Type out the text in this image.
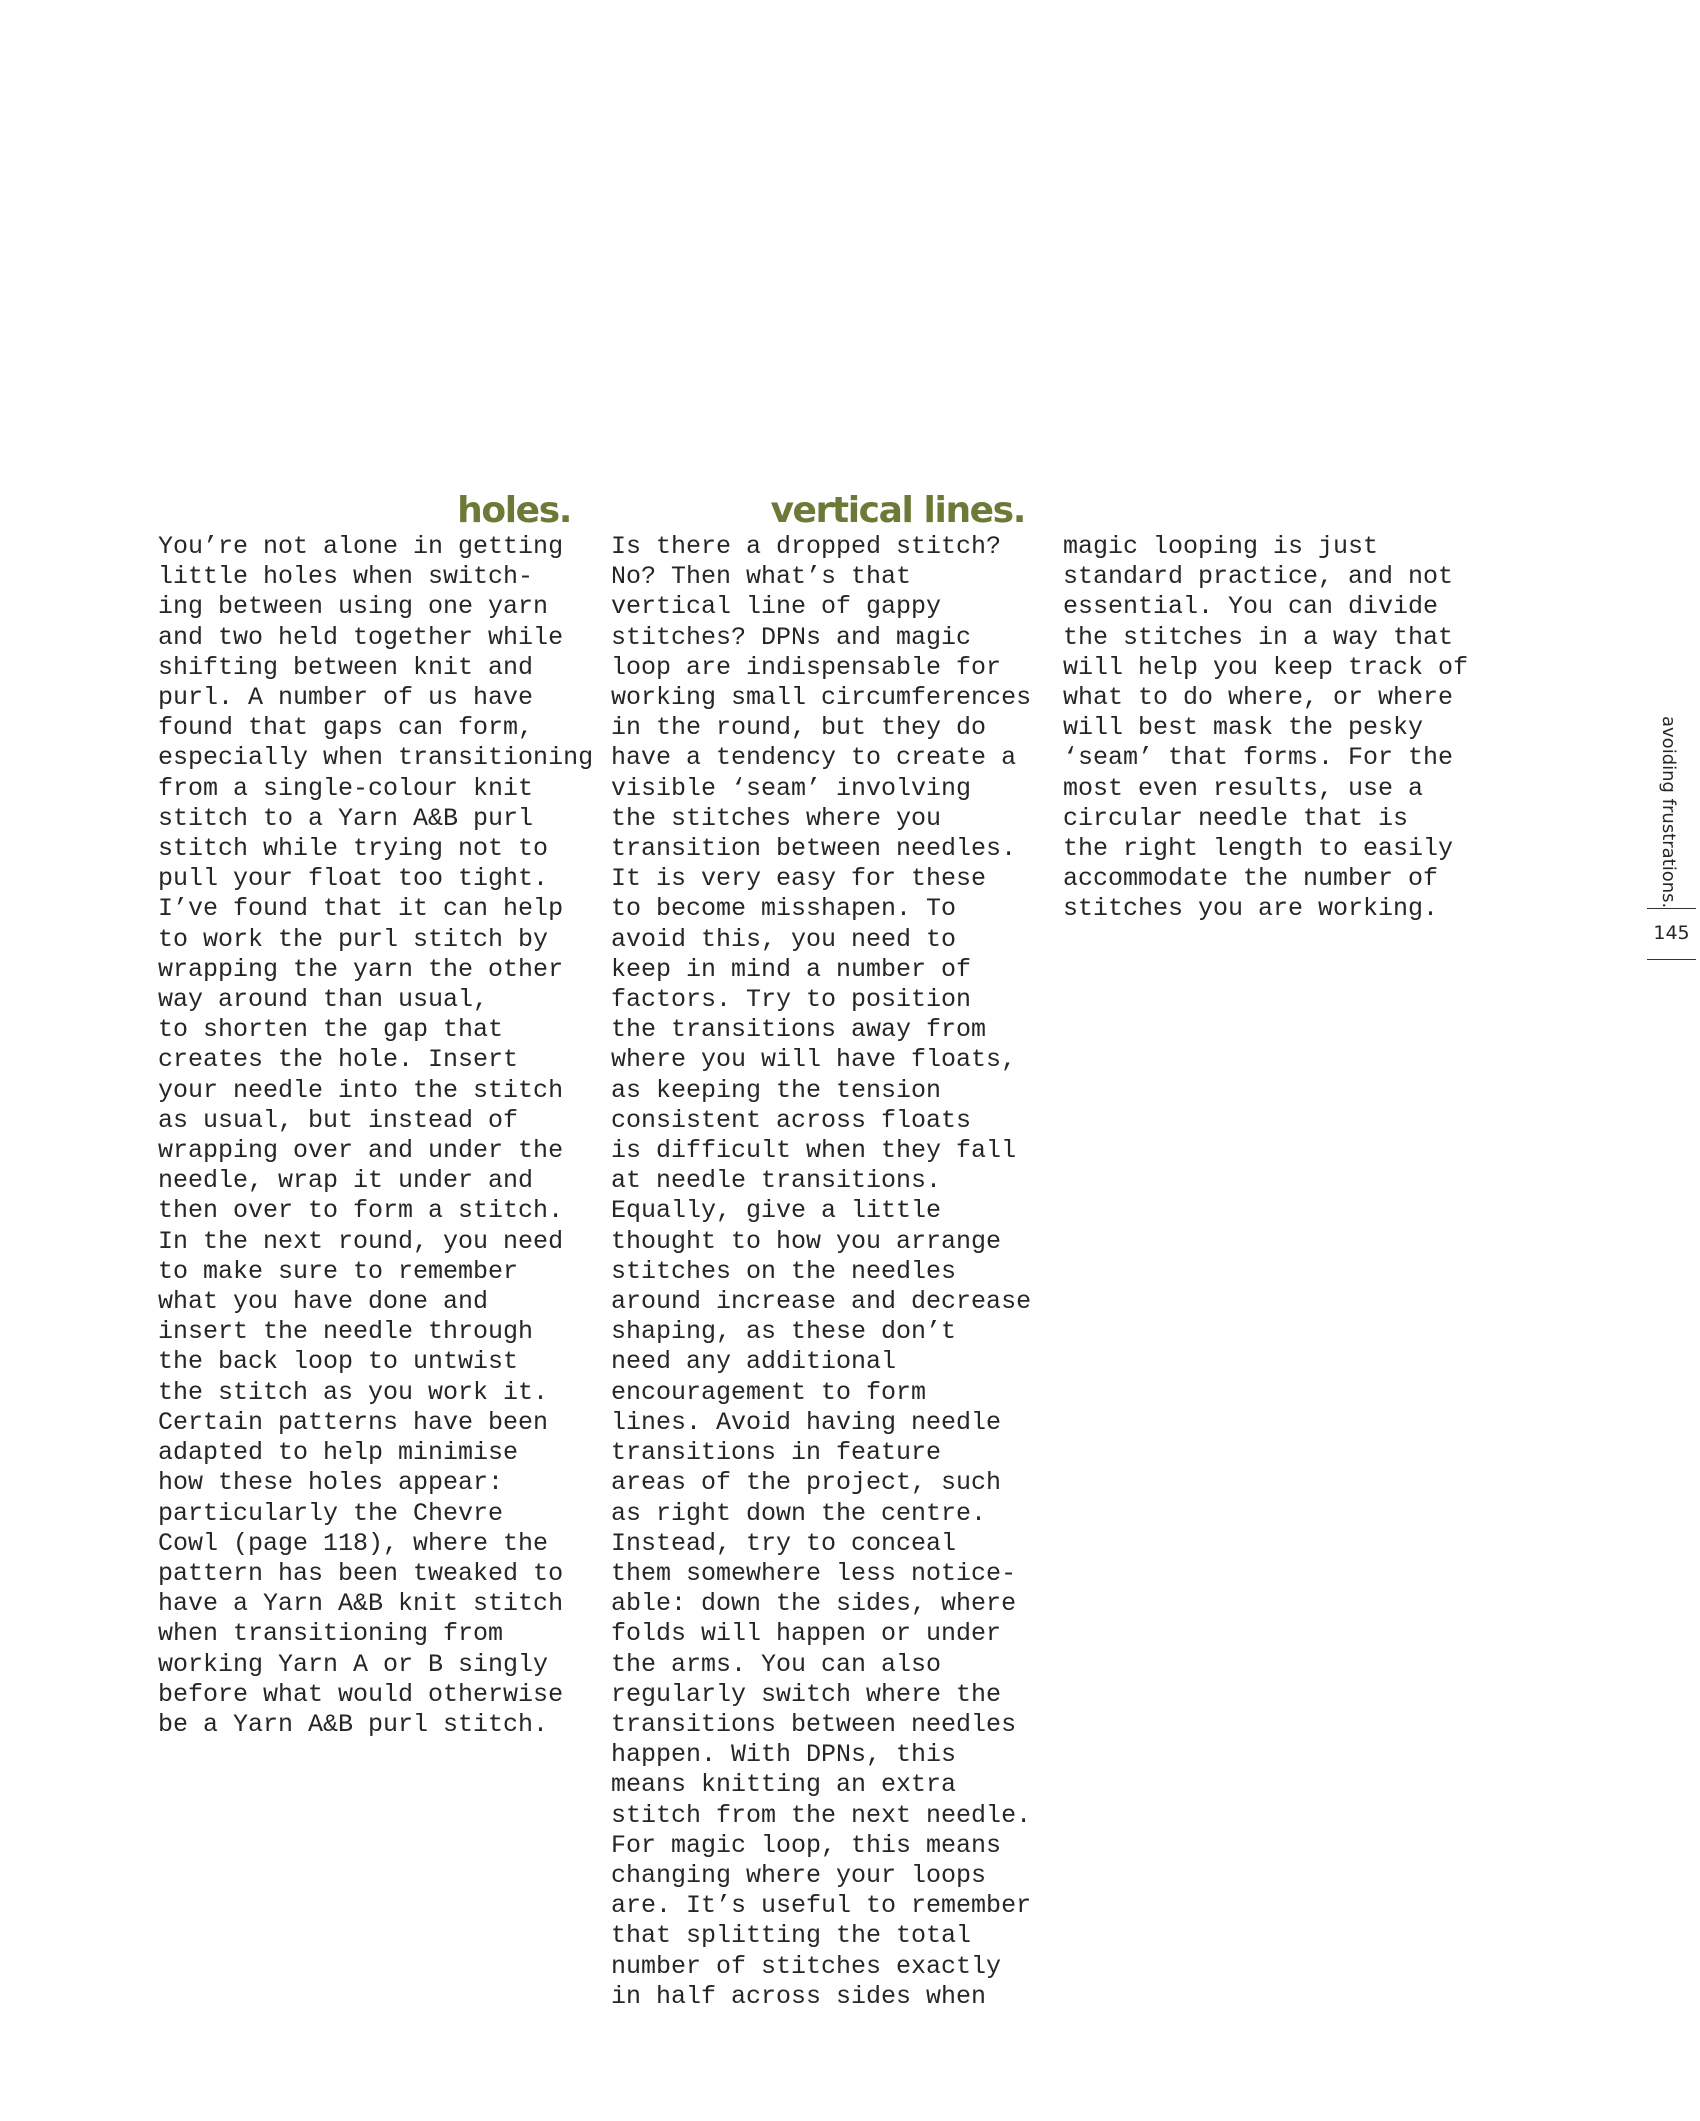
holes.	vertical lines.
You’re not alone in getting
little holes when switch-
ing between using one yarn
and two held together while
shifting between knit and
purl. A number of us have
found that gaps can form,
especially when transitioning
from a single-colour knit
stitch to a Yarn A&B purl
stitch while trying not to
pull your float too tight.
I’ve found that it can help
to work the purl stitch by
wrapping the yarn the other
way around than usual,
to shorten the gap that
creates the hole. Insert
your needle into the stitch
as usual, but instead of
wrapping over and under the
needle, wrap it under and
then over to form a stitch.
In the next round, you need
to make sure to remember
what you have done and
insert the needle through
the back loop to untwist
the stitch as you work it.
Certain patterns have been
adapted to help minimise
how these holes appear:
particularly the Chevre
Cowl (page 118), where the
pattern has been tweaked to
have a Yarn A&B knit stitch
when transitioning from
working Yarn A or B singly
before what would otherwise
be a Yarn A&B purl stitch.
Is there a dropped stitch?
No? Then what’s that
vertical line of gappy
stitches? DPNs and magic
loop are indispensable for
working small circumferences
in the round, but they do
have a tendency to create a
visible ‘seam’ involving
the stitches where you
transition between needles.
It is very easy for these
to become misshapen. To
avoid this, you need to
keep in mind a number of
factors. Try to position
the transitions away from
where you will have floats,
as keeping the tension
consistent across floats
is difficult when they fall
at needle transitions.
Equally, give a little
thought to how you arrange
stitches on the needles
around increase and decrease
shaping, as these don’t
need any additional
encouragement to form
lines. Avoid having needle
transitions in feature
areas of the project, such
as right down the centre.
Instead, try to conceal
them somewhere less notice-
able: down the sides, where
folds will happen or under
the arms. You can also
regularly switch where the
transitions between needles
happen. With DPNs, this
means knitting an extra
stitch from the next needle.
For magic loop, this means
changing where your loops
are. It’s useful to remember
that splitting the total
number of stitches exactly
in half across sides when
magic looping is just
standard practice, and not
essential. You can divide
the stitches in a way that
will help you keep track of
what to do where, or where
will best mask the pesky
‘seam’ that forms. For the
most even results, use a
circular needle that is
the right length to easily
accommodate the number of
stitches you are working.
avoiding frustrations.
145
